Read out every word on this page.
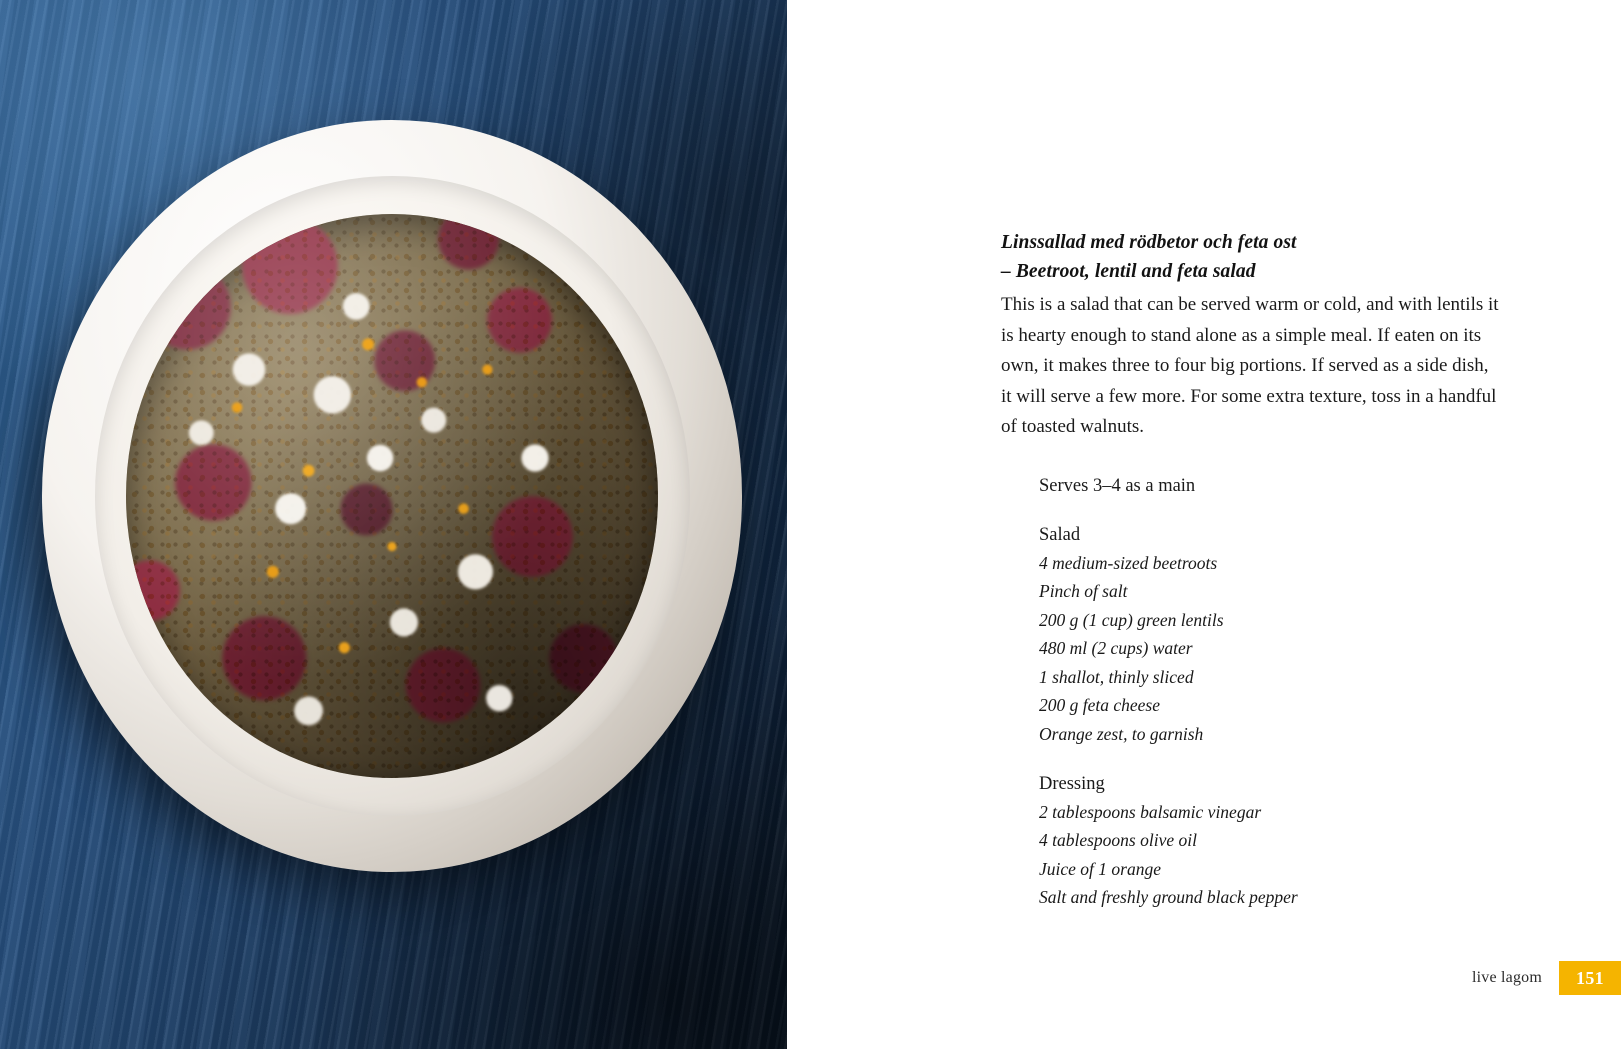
Linssallad med rödbetor och feta ost
– Beetroot, lentil and feta salad

This is a salad that can be served warm or cold, and with lentils it is hearty enough to stand alone as a simple meal. If eaten on its own, it makes three to four big portions. If served as a side dish, it will serve a few more. For some extra texture, toss in a handful of toasted walnuts.

Serves 3–4 as a main
Salad
4 medium-sized beetroots
Pinch of salt
200 g (1 cup) green lentils
480 ml (2 cups) water
1 shallot, thinly sliced
200 g feta cheese
Orange zest, to garnish
Dressing
2 tablespoons balsamic vinegar
4 tablespoons olive oil
Juice of 1 orange
Salt and freshly ground black pepper
live lagom	151
